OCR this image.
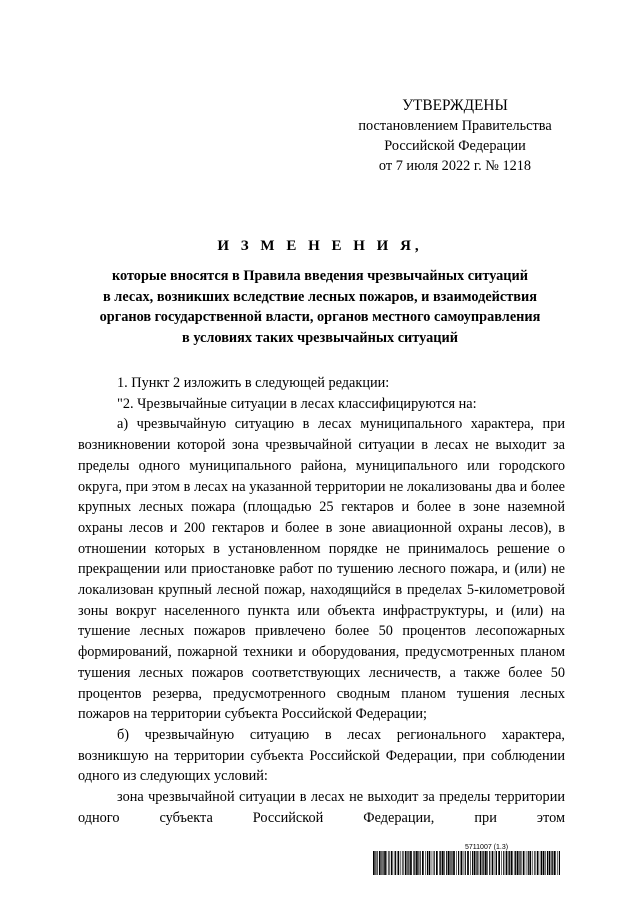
УТВЕРЖДЕНЫ
постановлением Правительства
Российской Федерации
от 7 июля 2022 г. № 1218
И З М Е Н Е Н И Я,
которые вносятся в Правила введения чрезвычайных ситуаций
в лесах, возникших вследствие лесных пожаров, и взаимодействия
органов государственной власти, органов местного самоуправления
в условиях таких чрезвычайных ситуаций

1. Пункт 2 изложить в следующей редакции:

"2. Чрезвычайные ситуации в лесах классифицируются на:

а) чрезвычайную ситуацию в лесах муниципального характера, при возникновении которой зона чрезвычайной ситуации в лесах не выходит за пределы одного муниципального района, муниципального или городского округа, при этом в лесах на указанной территории не локализованы два и более крупных лесных пожара (площадью 25 гектаров и более в зоне наземной охраны лесов и 200 гектаров и более в зоне авиационной охраны лесов), в отношении которых в установленном порядке не принималось решение о прекращении или приостановке работ по тушению лесного пожара, и (или) не локализован крупный лесной пожар, находящийся в пределах 5-километровой зоны вокруг населенного пункта или объекта инфраструктуры, и (или) на тушение лесных пожаров привлечено более 50 процентов лесопожарных формирований, пожарной техники и оборудования, предусмотренных планом тушения лесных пожаров соответствующих лесничеств, а также более 50 процентов резерва, предусмотренного сводным планом тушения лесных пожаров на территории субъекта Российской Федерации;

б) чрезвычайную ситуацию в лесах регионального характера, возникшую на территории субъекта Российской Федерации, при соблюдении одного из следующих условий:

зона чрезвычайной ситуации в лесах не выходит за пределы территории одного субъекта Российской Федерации, при этом

5711007 (1.3)
